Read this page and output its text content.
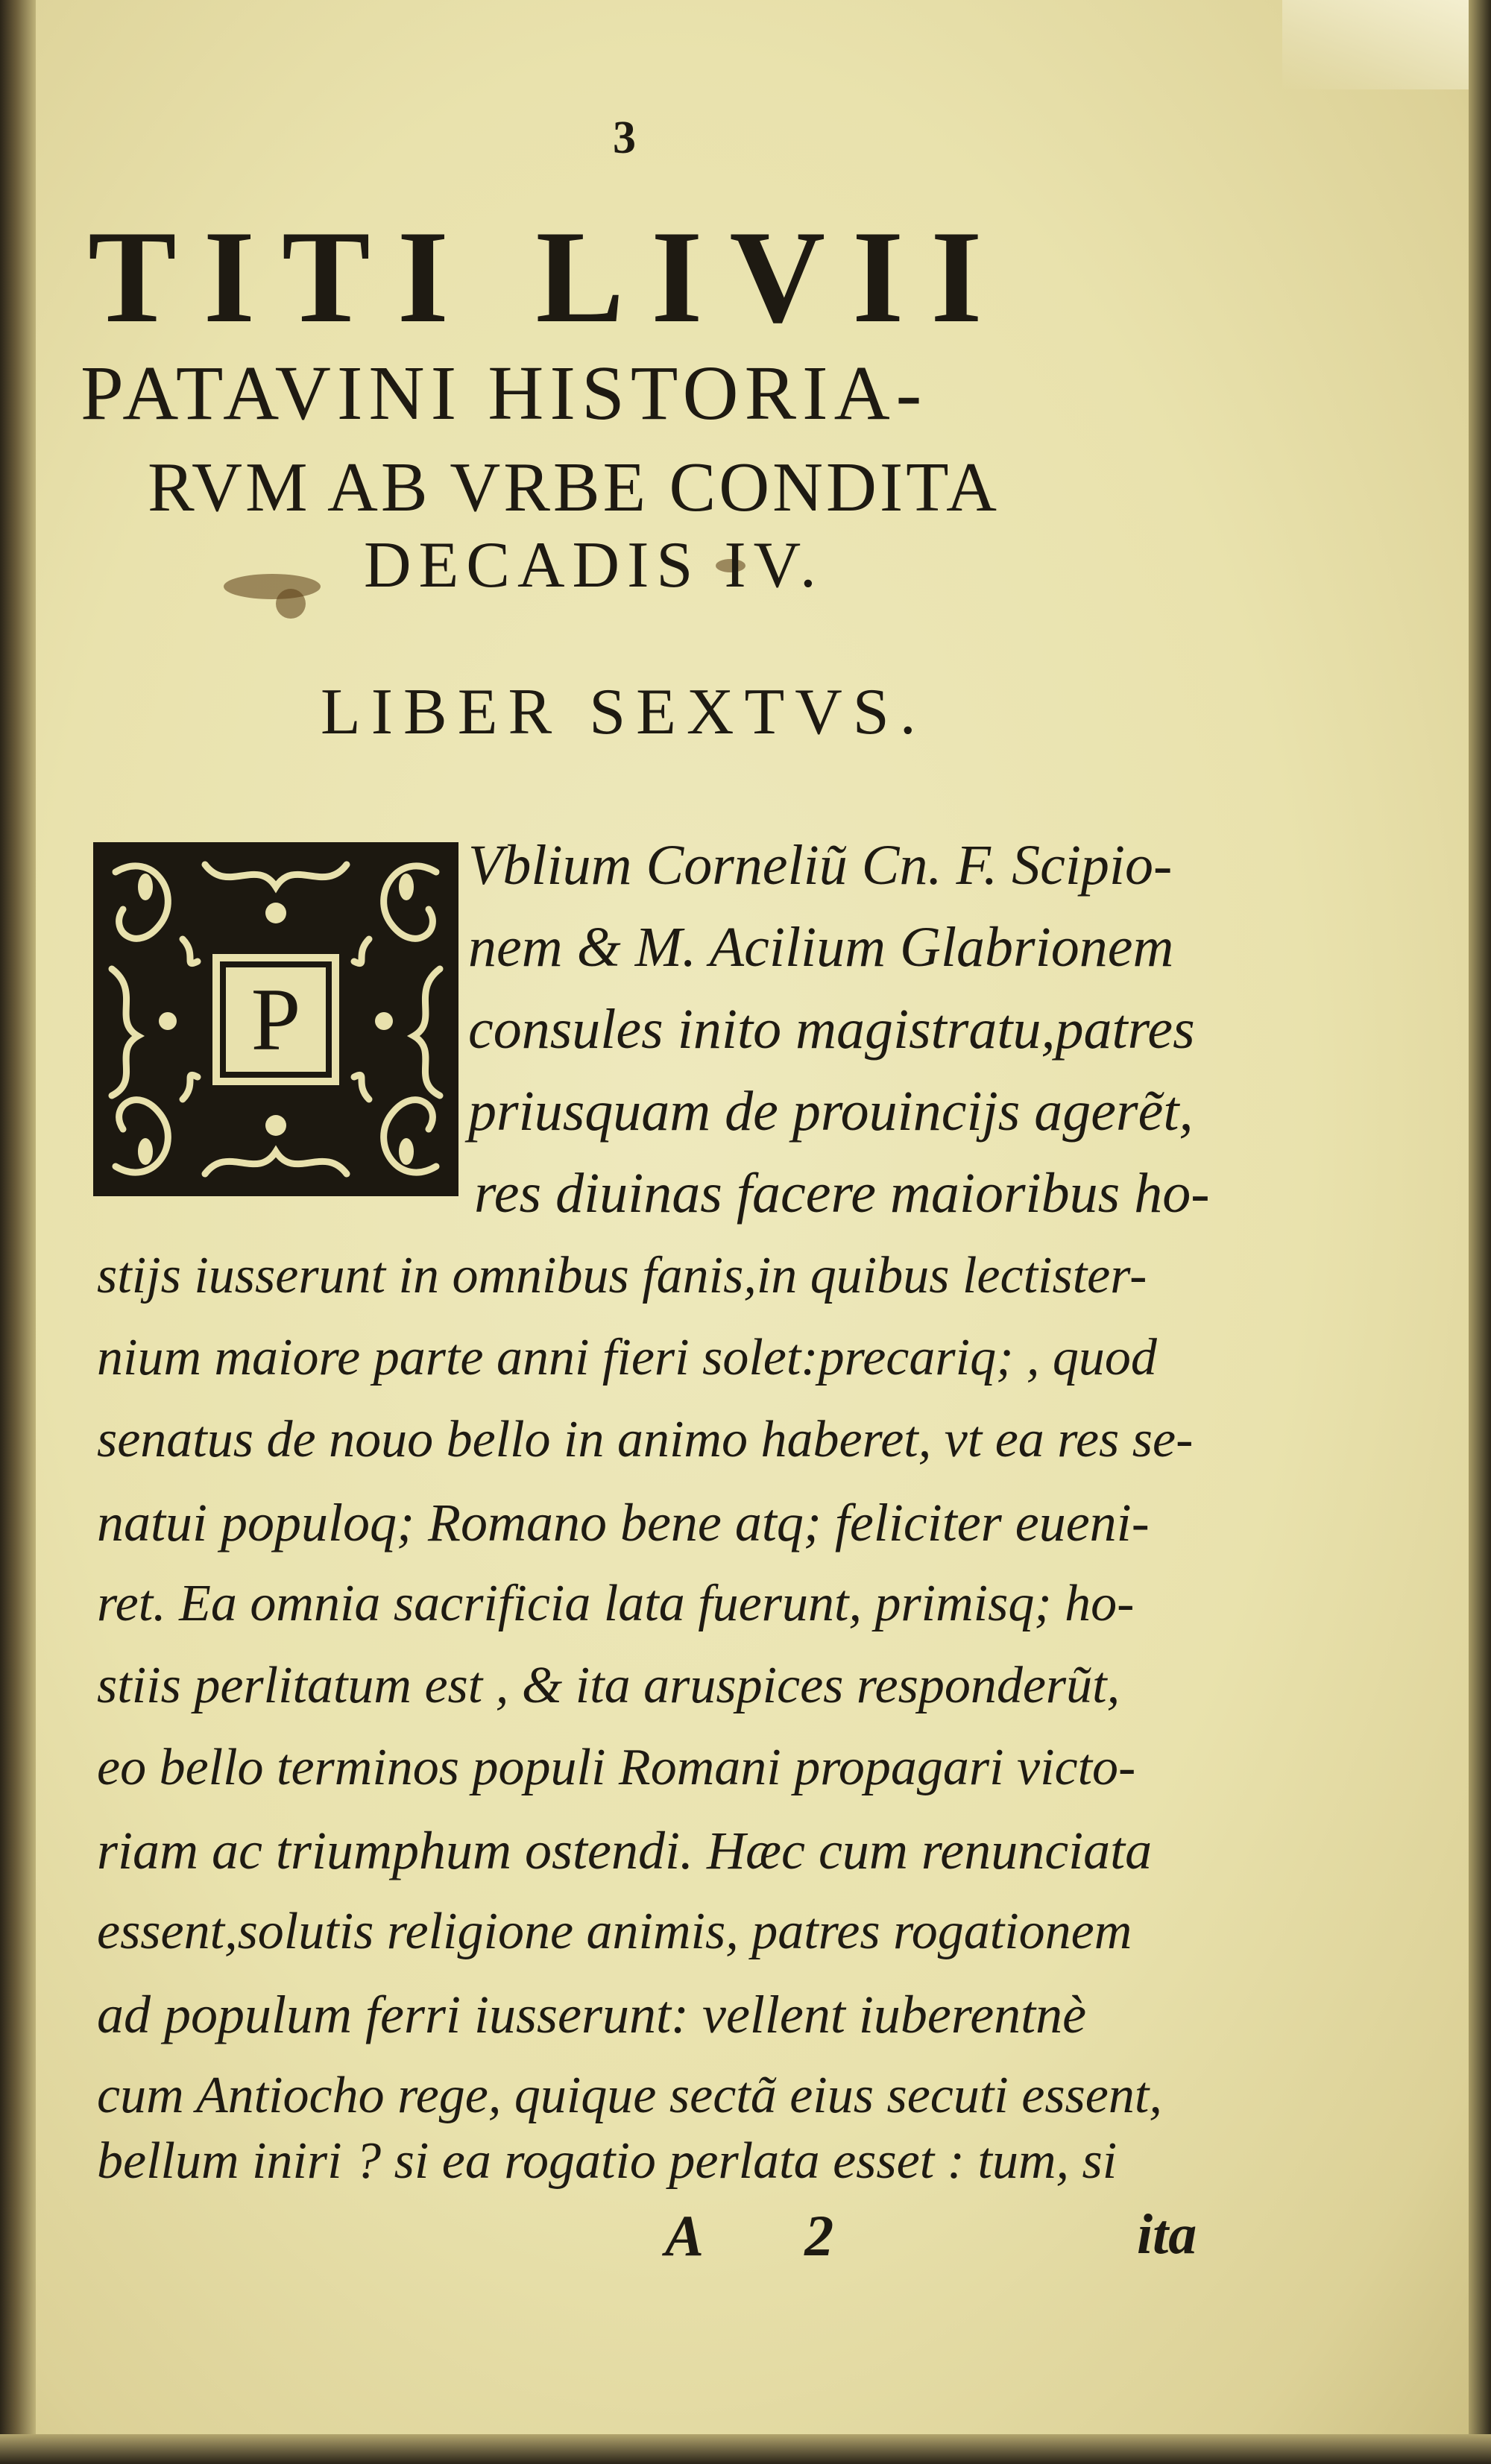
3
TITI LIVII
PATAVINI HISTORIA-
RVM AB VRBE CONDITA
DECADIS IV.
LIBER SEXTVS.
P
Vblium Corneliũ Cn. F. Scipio-
nem & M. Acilium Glabrionem
consules inito magistratu,patres
priusquam de prouincijs agerẽt,
res diuinas facere maioribus ho-
stijs iusserunt in omnibus fanis,in quibus lectister-
nium maiore parte anni fieri solet:precariq; , quod
senatus de nouo bello in animo haberet, vt ea res se-
natui populoq; Romano bene atq; feliciter eueni-
ret. Ea omnia sacrificia lata fuerunt, primisq; ho-
stiis perlitatum est , & ita aruspices responderũt,
eo bello terminos populi Romani propagari victo-
riam ac triumphum ostendi. Hæc cum renunciata
essent,solutis religione animis, patres rogationem
ad populum ferri iusserunt: vellent iuberentnè
cum Antiocho rege, quique sectã eius secuti essent,
bellum iniri ? si ea rogatio perlata esset : tum, si
A 2	ita
